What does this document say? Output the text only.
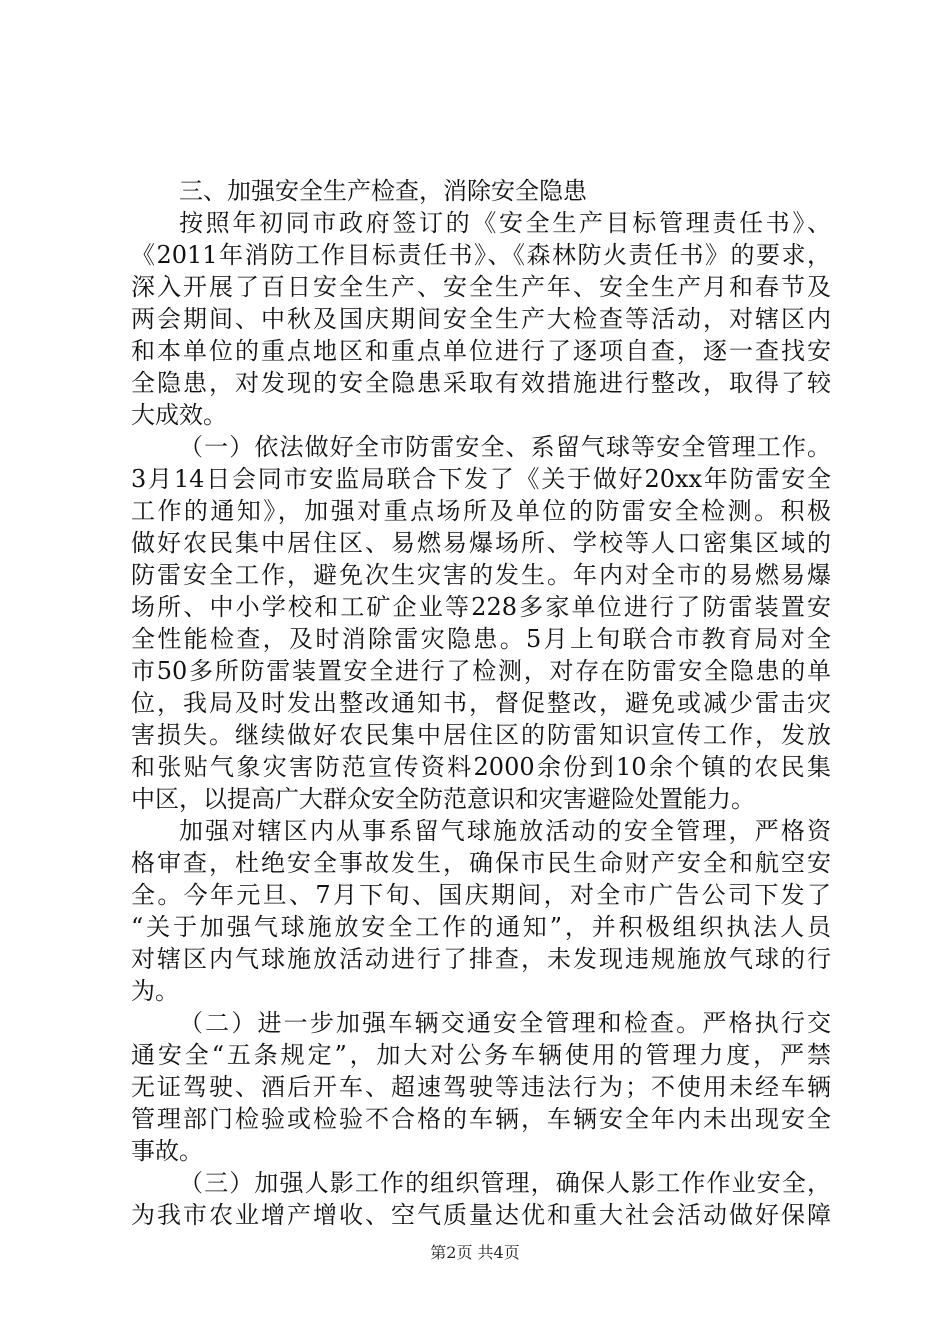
三、加强安全生产检查，消除安全隐患
按照年初同市政府签订的《安全生产目标管理责任书》、
《2011年消防工作目标责任书》、《森林防火责任书》的要求，
深入开展了百日安全生产、安全生产年、安全生产月和春节及
两会期间、中秋及国庆期间安全生产大检查等活动，对辖区内
和本单位的重点地区和重点单位进行了逐项自查，逐一查找安
全隐患，对发现的安全隐患采取有效措施进行整改，取得了较
大成效。
（一）依法做好全市防雷安全、系留气球等安全管理工作。
3月14日会同市安监局联合下发了《关于做好20xx年防雷安全
工作的通知》，加强对重点场所及单位的防雷安全检测。积极
做好农民集中居住区、易燃易爆场所、学校等人口密集区域的
防雷安全工作，避免次生灾害的发生。年内对全市的易燃易爆
场所、中小学校和工矿企业等228多家单位进行了防雷装置安
全性能检查，及时消除雷灾隐患。5月上旬联合市教育局对全
市50多所防雷装置安全进行了检测，对存在防雷安全隐患的单
位，我局及时发出整改通知书，督促整改，避免或减少雷击灾
害损失。继续做好农民集中居住区的防雷知识宣传工作，发放
和张贴气象灾害防范宣传资料2000余份到10余个镇的农民集
中区，以提高广大群众安全防范意识和灾害避险处置能力。
加强对辖区内从事系留气球施放活动的安全管理，严格资
格审查，杜绝安全事故发生，确保市民生命财产安全和航空安
全。今年元旦、7月下旬、国庆期间，对全市广告公司下发了
“关于加强气球施放安全工作的通知”，并积极组织执法人员
对辖区内气球施放活动进行了排查，未发现违规施放气球的行
为。
（二）进一步加强车辆交通安全管理和检查。严格执行交
通安全“五条规定”，加大对公务车辆使用的管理力度，严禁
无证驾驶、酒后开车、超速驾驶等违法行为；不使用未经车辆
管理部门检验或检验不合格的车辆，车辆安全年内未出现安全
事故。
（三）加强人影工作的组织管理，确保人影工作作业安全，
为我市农业增产增收、空气质量达优和重大社会活动做好保障
第2页 共4页
